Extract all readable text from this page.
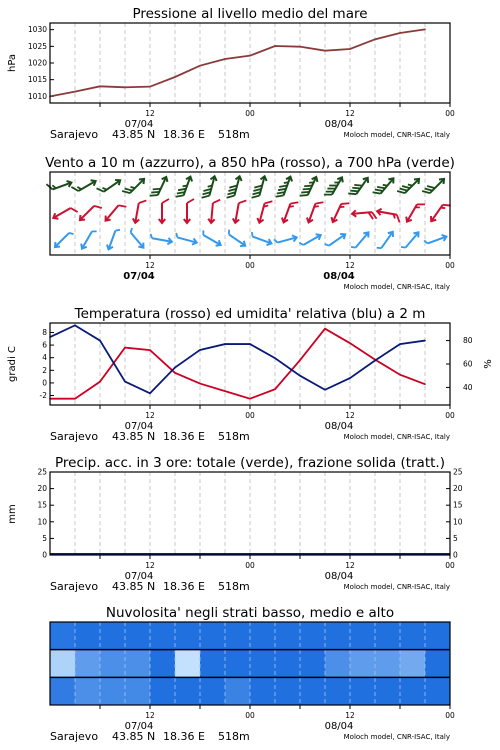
1010
1015
1020
1025
1030
hPa
Pressione al livello medio del mare
12	00	12	00
07/04	08/04
Sarajevo 43.85 N 18.36 E 518m	Moloch model, CNR-ISAC, Italy
Vento a 10 m (azzurro), a 850 hPa (rosso), a 700 hPa (verde)
12	00	12	00
07/04	08/04
Moloch model, CNR-ISAC, Italy
-2
0
2
4
6
8
40
60
80
gradi C	%
Temperatura (rosso) ed umidita' relativa (blu) a 2 m
12	00	12	00
07/04	08/04
Sarajevo 43.85 N 18.36 E 518m	Moloch model, CNR-ISAC, Italy
0	0
5	5
10	10
15	15
20	20
25	25
mm
Precip. acc. in 3 ore: totale (verde), frazione solida (tratt.)
12	00	12	00
07/04	08/04
Sarajevo 43.85 N 18.36 E 518m	Moloch model, CNR-ISAC, Italy
Nuvolosita' negli strati basso, medio e alto
12	00	12	00
07/04	08/04
Sarajevo 43.85 N 18.36 E 518m	Moloch model, CNR-ISAC, Italy
